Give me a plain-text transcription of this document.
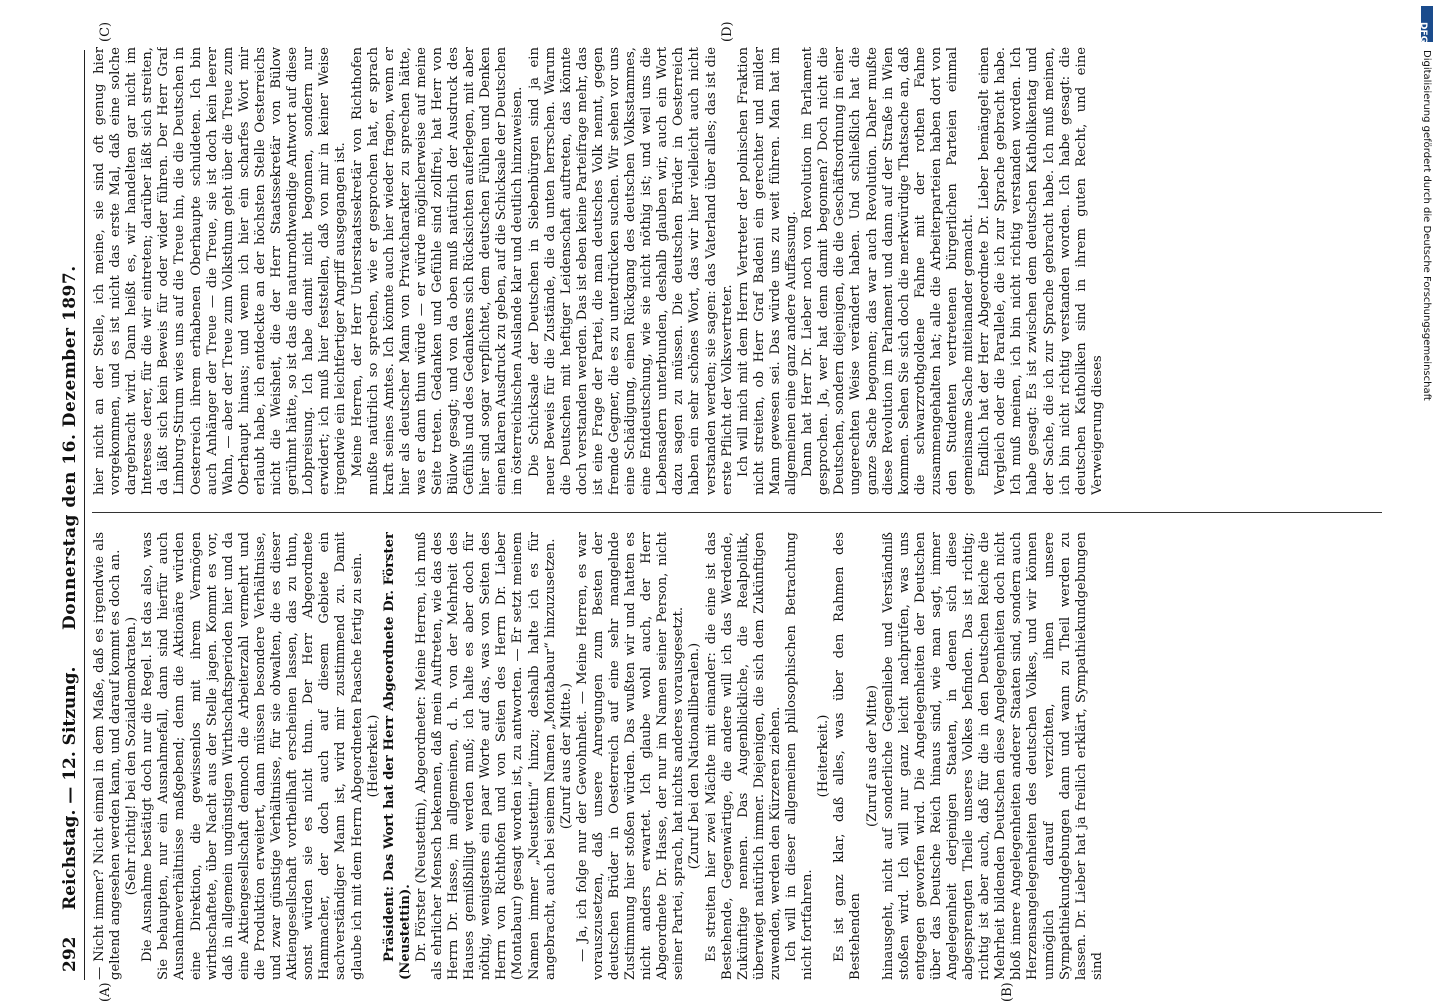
292
Reichstag. — 12. Sitzung.
Donnerstag den 16. Dezember 1897.
(A)	(B)
(C)	(D)

— Nicht immer? Nicht einmal in dem Maße, daß es irgendwie als geltend angesehen werden kann, und darauf kommt es doch an. (Sehr richtig! bei den Sozialdemokraten.) Die Ausnahme bestätigt doch nur die Regel. Ist das also, was Sie behaupten, nur ein Ausnahmefall, dann sind hierfür auch Ausnahmeverhältnisse maßgebend; denn die Aktionäre würden eine Direktion, die gewissenlos mit ihrem Vermögen wirthschaftete, über Nacht aus der Stelle jagen. Kommt es vor, daß in allgemein ungünstigen Wirthschaftsperioden hier und da eine Aktiengesellschaft dennoch die Arbeiterzahl vermehrt und die Produktion erweitert, dann müssen besondere Verhältnisse, und zwar günstige Verhältnisse, für sie obwalten, die es dieser Aktiengesellschaft vortheilhaft erscheinen lassen, das zu thun, sonst würden sie es nicht thun. Der Herr Abgeordnete Hammacher, der doch auch auf diesem Gebiete ein sachverständiger Mann ist, wird mir zustimmend zu. Damit glaube ich mit dem Herrn Abgeordneten Paasche fertig zu sein. (Heiterkeit.) Präsident: Das Wort hat der Herr Abgeordnete Dr. Förster (Neustettin). Dr. Förster (Neustettin), Abgeordneter: Meine Herren, ich muß als ehrlicher Mensch bekennen, daß mein Auftreten, wie das des Herrn Dr. Hasse, im allgemeinen, d. h. von der Mehrheit des Hauses gemißbilligt werden muß; ich halte es aber doch für nöthig, wenigstens ein paar Worte auf das, was von Seiten des Herrn von Richthofen und von Seiten des Herrn Dr. Lieber (Montabaur) gesagt worden ist, zu antworten. — Er setzt meinem Namen immer „Neustettin“ hinzu; deshalb halte ich es für angebracht, auch bei seinem Namen „Montabaur“ hinzuzusetzen. (Zuruf aus der Mitte.) — Ja, ich folge nur der Gewohnheit. — Meine Herren, es war vorauszusetzen, daß unsere Anregungen zum Besten der deutschen Brüder in Oesterreich auf eine sehr mangelnde Zustimmung hier stoßen würden. Das wußten wir und hatten es nicht anders erwartet. Ich glaube wohl auch, der Herr Abgeordnete Dr. Hasse, der nur im Namen seiner Person, nicht seiner Partei, sprach, hat nichts anderes vorausgesetzt. (Zuruf bei den Nationalliberalen.) Es streiten hier zwei Mächte mit einander: die eine ist das Bestehende, Gegenwärtige, die andere will ich das Werdende, Zukünftige nennen. Das Augenblickliche, die Realpolitik, überwiegt natürlich immer. Diejenigen, die sich dem Zukünftigen zuwenden, werden den Kürzeren ziehen. Ich will in dieser allgemeinen philosophischen Betrachtung nicht fortfahren.

(Heiterkeit.) Es ist ganz klar, daß alles, was über den Rahmen des Bestehenden

(Zuruf aus der Mitte) hinausgeht, nicht auf sonderliche Gegenliebe und Verständniß stoßen wird. Ich will nur ganz leicht nachprüfen, was uns entgegen geworfen wird. Die Angelegenheiten der Deutschen über das Deutsche Reich hinaus sind, wie man sagt, immer Angelegenheit derjenigen Staaten, in denen sich diese abgesprengten Theile unseres Volkes befinden. Das ist richtig; richtig ist aber auch, daß für die in den Deutschen Reiche die Mehrheit bildenden Deutschen diese Angelegenheiten doch nicht bloß innere Angelegenheiten anderer Staaten sind, sondern auch Herzensangelegenheiten des deutschen Volkes, und wir können unmöglich darauf verzichten, ihnen unsere Sympathiekundgebungen dann und wann zu Theil werden zu lassen. Dr. Lieber hat ja freilich erklärt, Sympathiekundgebungen sind

hier nicht an der Stelle, ich meine, sie sind oft genug hier vorgekommen, und es ist nicht das erste Mal, daß eine solche dargebracht wird. Dann heißt es, wir handelten gar nicht im Interesse derer, für die wir eintreten; darüber läßt sich streiten, da läßt sich kein Beweis für oder wider führen. Der Herr Graf Limburg-Stirum wies uns auf die Treue hin, die die Deutschen in Oesterreich ihrem erhabenen Oberhaupte schuldeten. Ich bin auch Anhänger der Treue — die Treue, sie ist doch kein leerer Wahn, — aber der Treue zum Volksthum geht über die Treue zum Oberhaupt hinaus; und wenn ich hier ein scharfes Wort mir erlaubt habe, ich entdeckte an der höchsten Stelle Oesterreichs nicht die Weisheit, die der Herr Staatssekretär von Bülow gerühmt hätte, so ist das die naturnothwendige Antwort auf diese Lobpreisung. Ich habe damit nicht begonnen, sondern nur erwidert; ich muß hier feststellen, daß von mir in keiner Weise irgendwie ein leichtfertiger Angriff ausgegangen ist. Meine Herren, der Herr Unterstaatssekretär von Richthofen mußte natürlich so sprechen, wie er gesprochen hat, er sprach kraft seines Amtes. Ich könnte auch hier wieder fragen, wenn er hier als deutscher Mann von Privatcharakter zu sprechen hätte, was er dann thun würde — er würde möglicherweise auf meine Seite treten. Gedanken und Gefühle sind zollfrei, hat Herr von Bülow gesagt; und von da oben muß natürlich der Ausdruck des Gefühls und des Gedankens sich Rücksichten auferlegen, mit aber hier sind sogar verpflichtet, dem deutschen Fühlen und Denken einen klaren Ausdruck zu geben, auf die Schicksale der Deutschen im österreichischen Auslande klar und deutlich hinzuweisen. Die Schicksale der Deutschen in Siebenbürgen sind ja ein neuer Beweis für die Zustände, die da unten herrschen. Warum die Deutschen mit heftiger Leidenschaft auftreten, das könnte doch verstanden werden. Das ist eben keine Parteifrage mehr, das ist eine Frage der Partei, die man deutsches Volk nennt, gegen fremde Gegner, die es zu unterdrücken suchen. Wir sehen vor uns eine Schädigung, einen Rückgang des deutschen Volksstammes, eine Entdeutschung, wie sie nicht nöthig ist; und weil uns die Lebensadern unterbunden, deshalb glauben wir, auch ein Wort dazu sagen zu müssen. Die deutschen Brüder in Oesterreich haben ein sehr schönes Wort, das wir hier vielleicht auch nicht verstanden werden; sie sagen: das Vaterland über alles; das ist die erste Pflicht der Volksvertreter. Ich will mich mit dem Herrn Vertreter der polnischen Fraktion nicht streiten, ob Herr Graf Badeni ein gerechter und milder Mann gewesen sei. Das würde uns zu weit führen. Man hat im allgemeinen eine ganz andere Auffassung. Dann hat Herr Dr. Lieber noch von Revolution im Parlament gesprochen. Ja, wer hat denn damit begonnen? Doch nicht die Deutschen, sondern diejenigen, die die Geschäftsordnung in einer ungerechten Weise verändert haben. Und schließlich hat die ganze Sache begonnen; das war auch Revolution. Daher mußte diese Revolution im Parlament und dann auf der Straße in Wien kommen. Sehen Sie sich doch die merkwürdige Thatsache an, daß die schwarzrothgoldene Fahne mit der rothen Fahne zusammengehalten hat; alle die Arbeiterparteien haben dort von den Studenten vertretenen bürgerlichen Parteien einmal gemeinsame Sache miteinander gemacht. Endlich hat der Herr Abgeordnete Dr. Lieber bemängelt einen Vergleich oder die Parallele, die ich zur Sprache gebracht habe. Ich muß meinen, ich bin nicht richtig verstanden worden. Ich habe gesagt: Es ist zwischen dem deutschen Katholikentag und der Sache, die ich zur Sprache gebracht habe. Ich muß meinen, ich bin nicht richtig verstanden worden. Ich habe gesagt: die deutschen Katholiken sind in ihrem guten Recht, und eine Verweigerung dieses

DFG
Digitalisierung gefördert durch die Deutsche Forschungsgemeinschaft
